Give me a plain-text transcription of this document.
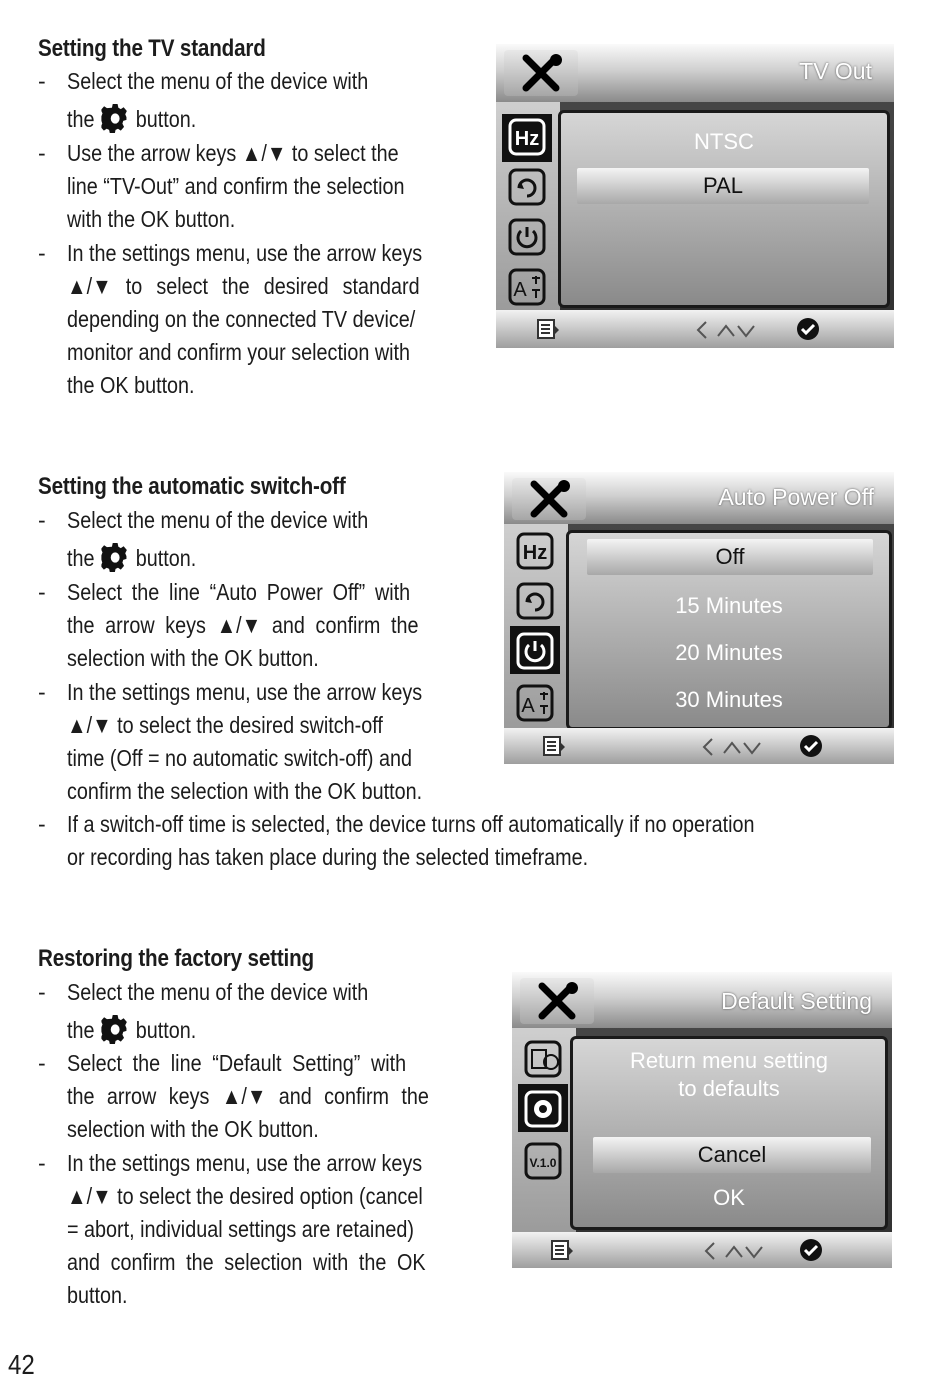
Setting the TV standard
- Select the menu of the device with
the button.
- Use the arrow keys ▲/▼ to select the
line “TV-Out” and confirm the selection
with the OK button.
- In the settings menu, use the arrow keys
▲/▼ to select the desired standard
depending on the connected TV device/
monitor and confirm your selection with
the OK button.
TV Out
Hz
A
NTSC
PAL
Setting the automatic switch-off
- Select the menu of the device with
the button.
- Select the line “Auto Power Off” with
the arrow keys ▲/▼ and confirm the
selection with the OK button.
- In the settings menu, use the arrow keys
▲/▼ to select the desired switch-off
time (Off = no automatic switch-off) and
confirm the selection with the OK button.
- If a switch-off time is selected, the device turns off automatically if no operation
or recording has taken place during the selected timeframe.
Auto Power Off
Hz
A
Off
15 Minutes
20 Minutes
30 Minutes
Restoring the factory setting
- Select the menu of the device with
the button.
- Select the line “Default Setting” with
the arrow keys ▲/▼ and confirm the
selection with the OK button.
- In the settings menu, use the arrow keys
▲/▼ to select the desired option (cancel
= abort, individual settings are retained)
and confirm the selection with the OK
button.
Default Setting
V.1.0
Return menu setting
to defaults
Cancel
OK
42
